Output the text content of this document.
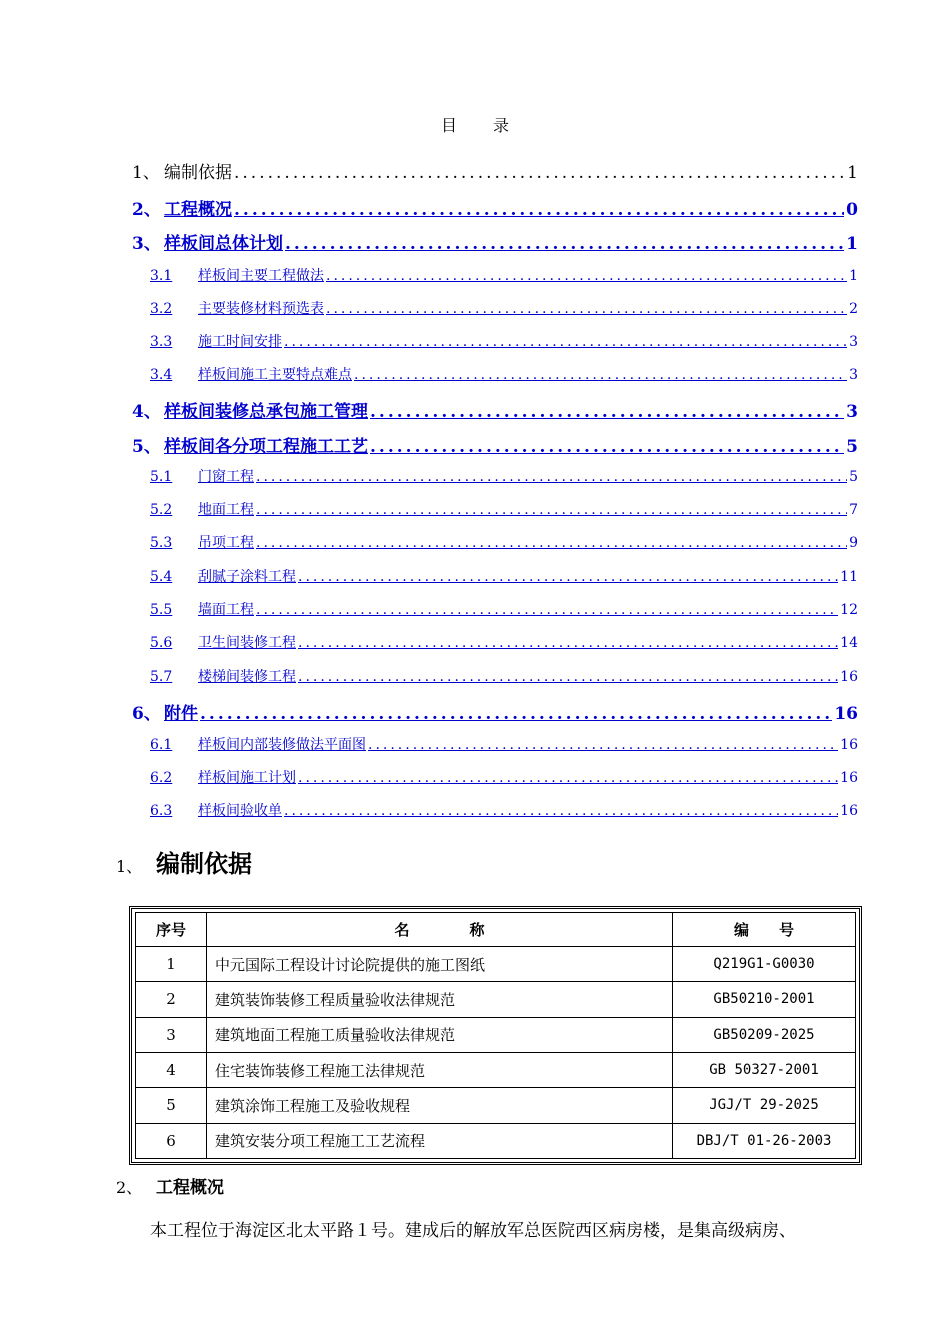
目 录
1、 编制依据 .....	1
2、 工程概况 .....	0
3、 样板间总体计划 .....	1
3.1	样板间主要工程做法 .....	1
3.2	主要装修材料预选表 .....	2
3.3	施工时间安排 .....	3
3.4	样板间施工主要特点难点 .....	3
4、 样板间装修总承包施工管理 .....	3
5、 样板间各分项工程施工工艺 .....	5
5.1	门窗工程 .....	5
5.2	地面工程 .....	7
5.3	吊项工程 .....	9
5.4	刮腻子涂料工程 .....	11
5.5	墙面工程 .....	12
5.6	卫生间装修工程 .....	14
5.7	楼梯间装修工程 .....	16
6、 附件 .....	16
6.1	样板间内部装修做法平面图 .....	16
6.2	样板间施工计划 .....	16
6.3	样板间验收单 .....	16
1、 编制依据
序号	名　　　　称	编　　号
1	中元国际工程设计讨论院提供的施工图纸	Q219G1-G0030
2	建筑装饰装修工程质量验收法律规范	GB50210-2001
3	建筑地面工程施工质量验收法律规范	GB50209-2025
4	住宅装饰装修工程施工法律规范	GB 50327-2001
5	建筑涂饰工程施工及验收规程	JGJ/T 29-2025
6	建筑安装分项工程施工工艺流程	DBJ/T 01-26-2003
2、 工程概况
本工程位于海淀区北太平路１号。建成后的解放军总医院西区病房楼，是集高级病房、
